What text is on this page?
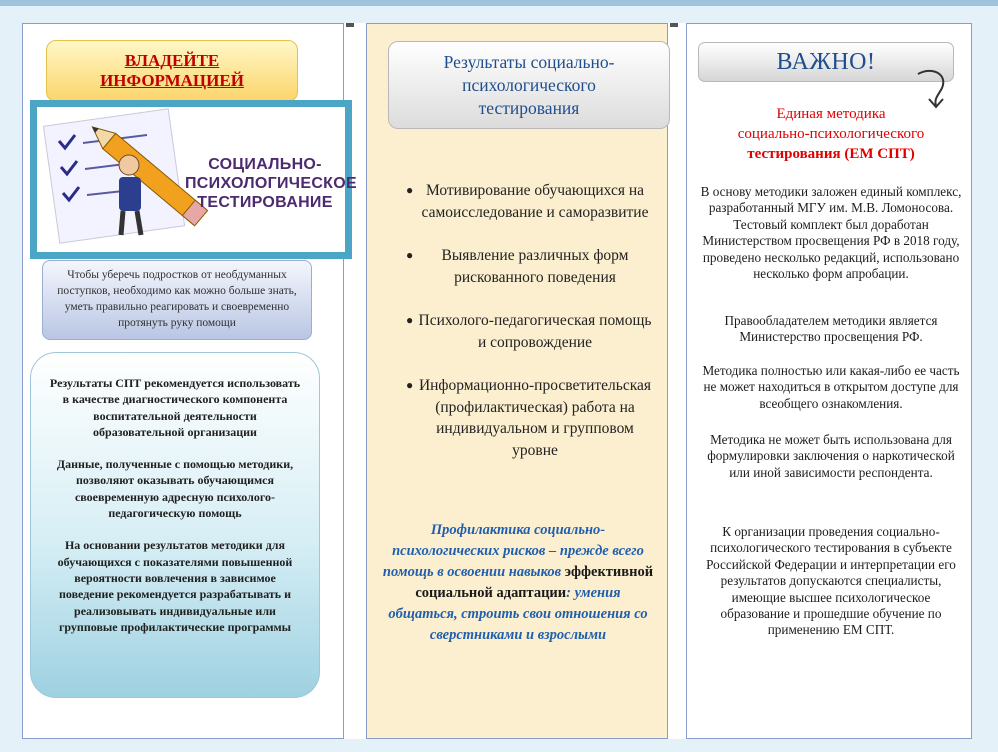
ВЛАДЕЙТЕ ИНФОРМАЦИЕЙ
СОЦИАЛЬНО-
ПСИХОЛОГИЧЕСКОЕ
ТЕСТИРОВАНИЕ
Чтобы уберечь подростков от необдуманных поступков, необходимо как можно больше знать, уметь правильно реагировать и своевременно протянуть руку помощи

Результаты СПТ рекомендуется использовать в качестве диагностического компонента воспитательной деятельности образовательной организации

Данные, полученные с помощью методики, позволяют оказывать обучающимся своевременную адресную психолого-педагогическую помощь

На основании результатов методики для обучающихся с показателями повышенной вероятности вовлечения в зависимое поведение рекомендуется разрабатывать и реализовывать индивидуальные или групповые профилактические программы

Результаты социально-психологического тестирования
● Мотивирование обучающихся на самоисследование и саморазвитие
● Выявление различных форм рискованного поведения
● Психолого-педагогическая помощь и сопровождение
● Информационно-просветительская (профилактическая) работа на индивидуальном и групповом уровне
Профилактика социально-психологических рисков – прежде всего помощь в освоении навыков эффективной социальной адаптации: умения общаться, строить свои отношения со сверстниками и взрослыми
ВАЖНО!
Единая методика
социально-психологического
тестирования (ЕМ СПТ)
В основу методики заложен единый комплекс, разработанный МГУ им. М.В. Ломоносова. Тестовый комплект был доработан Министерством просвещения РФ в 2018 году, проведено несколько редакций, использовано несколько форм апробации.
Правообладателем методики является Министерство просвещения РФ.
Методика полностью или какая-либо ее часть не может находиться в открытом доступе для всеобщего ознакомления.
Методика не может быть использована для формулировки заключения о наркотической или иной зависимости респондента.
К организации проведения социально-психологического тестирования в субъекте Российской Федерации и интерпретации его результатов допускаются специалисты, имеющие высшее психологическое образование и прошедшие обучение по применению ЕМ СПТ.
